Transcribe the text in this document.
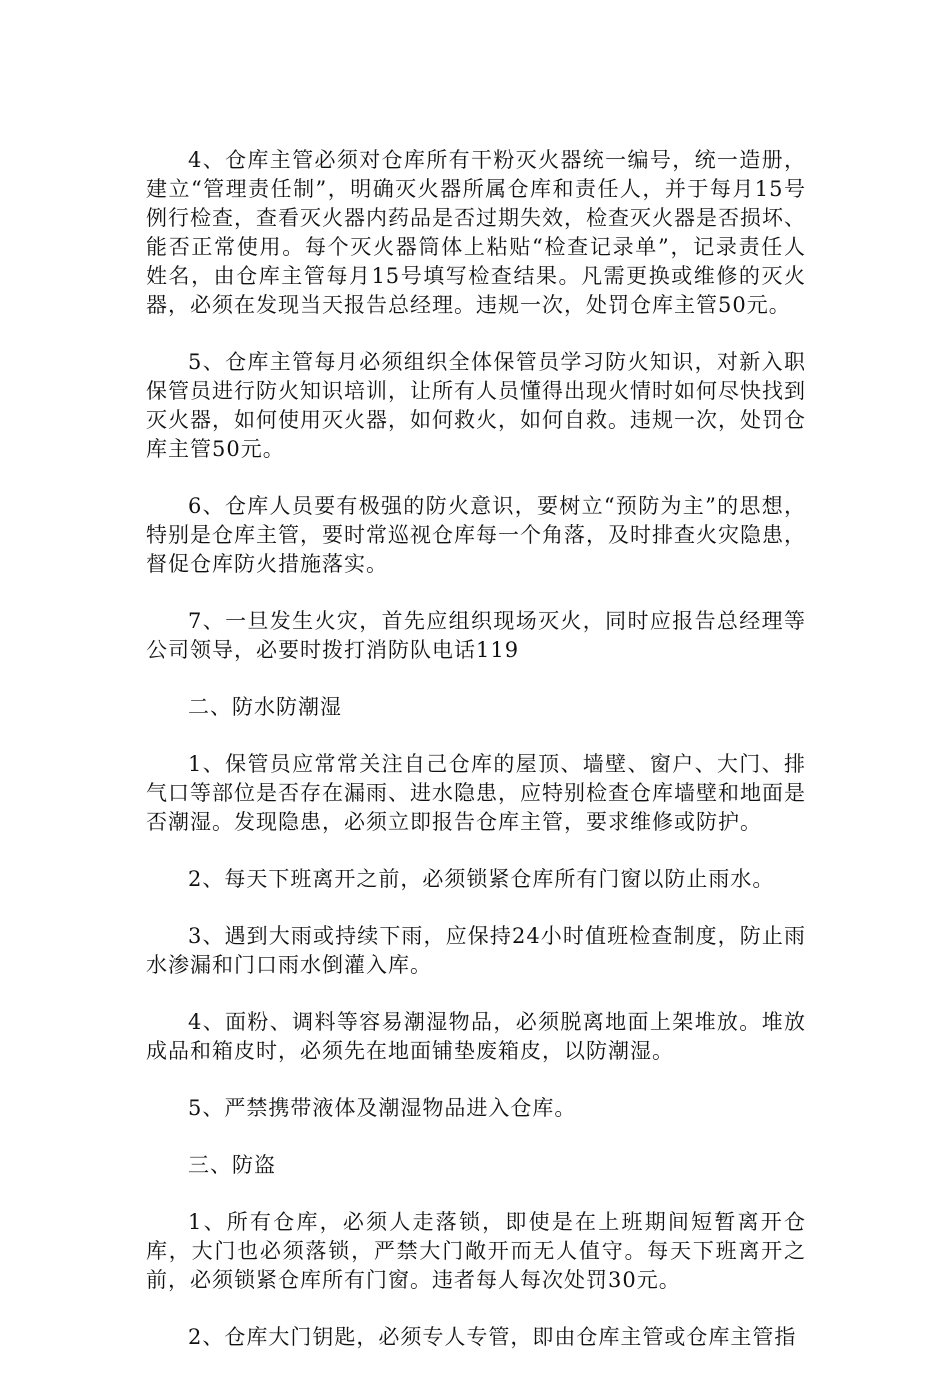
4、仓库主管必须对仓库所有干粉灭火器统一编号，统一造册，建立“管理责任制”，明确灭火器所属仓库和责任人，并于每月15号例行检查，查看灭火器内药品是否过期失效，检查灭火器是否损坏、能否正常使用。每个灭火器筒体上粘贴“检查记录单”，记录责任人姓名，由仓库主管每月15号填写检查结果。凡需更换或维修的灭火器，必须在发现当天报告总经理。违规一次，处罚仓库主管50元。

5、仓库主管每月必须组织全体保管员学习防火知识，对新入职保管员进行防火知识培训，让所有人员懂得出现火情时如何尽快找到灭火器，如何使用灭火器，如何救火，如何自救。违规一次，处罚仓库主管50元。

6、仓库人员要有极强的防火意识，要树立“预防为主”的思想，特别是仓库主管，要时常巡视仓库每一个角落，及时排查火灾隐患，督促仓库防火措施落实。

7、一旦发生火灾，首先应组织现场灭火，同时应报告总经理等公司领导，必要时拨打消防队电话119

二、防水防潮湿

1、保管员应常常关注自己仓库的屋顶、墙壁、窗户、大门、排气口等部位是否存在漏雨、进水隐患，应特别检查仓库墙壁和地面是否潮湿。发现隐患，必须立即报告仓库主管，要求维修或防护。

2、每天下班离开之前，必须锁紧仓库所有门窗以防止雨水。

3、遇到大雨或持续下雨，应保持24小时值班检查制度，防止雨水渗漏和门口雨水倒灌入库。

4、面粉、调料等容易潮湿物品，必须脱离地面上架堆放。堆放成品和箱皮时，必须先在地面铺垫废箱皮，以防潮湿。

5、严禁携带液体及潮湿物品进入仓库。

三、防盗

1、所有仓库，必须人走落锁，即使是在上班期间短暂离开仓库，大门也必须落锁，严禁大门敞开而无人值守。每天下班离开之前，必须锁紧仓库所有门窗。违者每人每次处罚30元。

2、仓库大门钥匙，必须专人专管，即由仓库主管或仓库主管指
